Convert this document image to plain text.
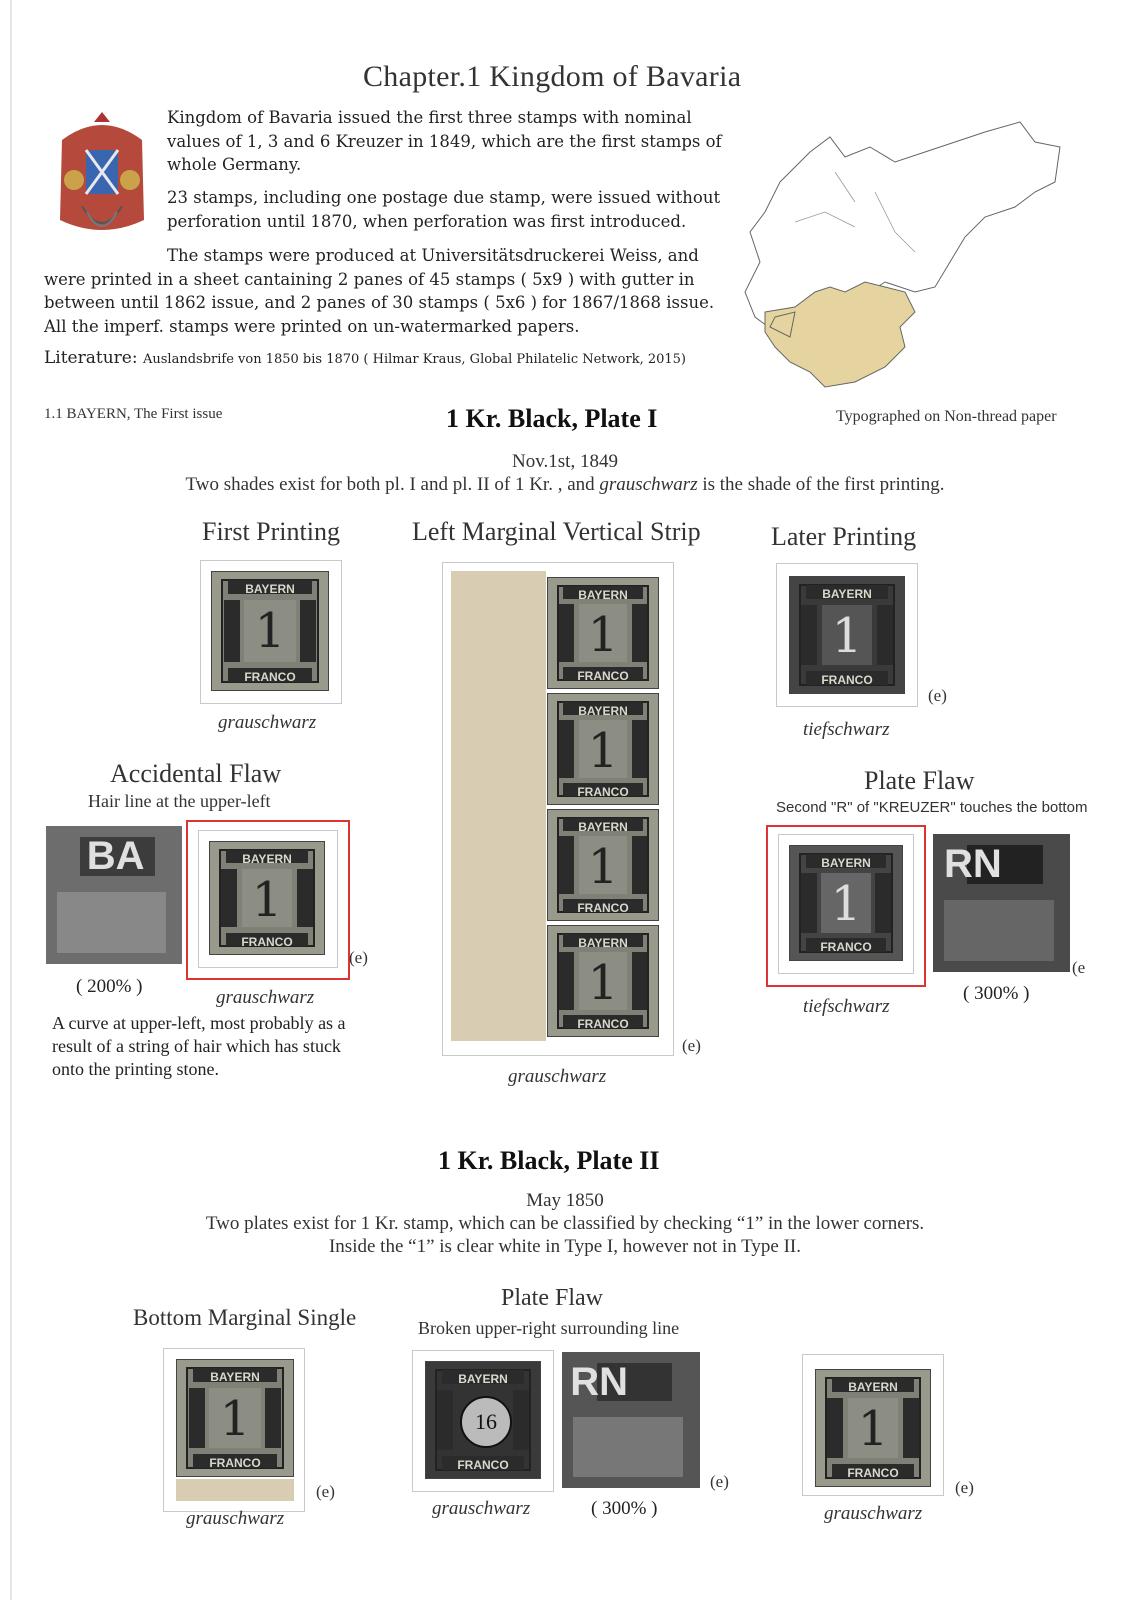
Chapter.1 Kingdom of Bavaria
Kingdom of Bavaria issued the first three stamps with nominal values of 1, 3 and 6 Kreuzer in 1849, which are the first stamps of whole Germany.
23 stamps, including one postage due stamp, were issued without perforation until 1870, when perforation was first introduced.
The stamps were produced at Universitätsdruckerei Weiss, and were printed in a sheet cantaining 2 panes of 45 stamps ( 5x9 ) with gutter in between until 1862 issue, and 2 panes of 30 stamps ( 5x6 ) for 1867/1868 issue. All the imperf. stamps were printed on un-watermarked papers.
Literature: Auslandsbrife von 1850 bis 1870 ( Hilmar Kraus, Global Philatelic Network, 2015)
1.1 BAYERN, The First issue	1 Kr. Black, Plate I	Typographed on Non-thread paper
Nov.1st, 1849
Two shades exist for both pl. I and pl. II of 1 Kr. , and grauschwarz is the shade of the first printing.
First Printing
BAYERN
1
FRANCO
grauschwarz
Left Marginal Vertical Strip
BAYERN
1
FRANCO
BAYERN
1
FRANCO
BAYERN
1
FRANCO
BAYERN
1
FRANCO
(e)
grauschwarz
Later Printing
BAYERN
1
FRANCO
(e)
tiefschwarz
Accidental Flaw
Hair line at the upper-left
BA	BAYERN
1
FRANCO
(e)
( 200% )
grauschwarz
A curve at upper-left, most probably as a result of a string of hair which has stuck onto the printing stone.
Plate Flaw
Second "R" of "KREUZER" touches the bottom
BAYERN
1
FRANCO
RN
(e
tiefschwarz
( 300% )
1 Kr. Black, Plate II
May 1850
Two plates exist for 1 Kr. stamp, which can be classified by checking “1” in the lower corners.
Inside the “1” is clear white in Type I, however not in Type II.
Bottom Marginal Single
BAYERN
1
FRANCO
(e)
grauschwarz
Plate Flaw
Broken upper-right surrounding line
BAYERN
FRANCO
16
RN
(e)
grauschwarz	( 300% )
BAYERN
1
FRANCO
(e)
grauschwarz
